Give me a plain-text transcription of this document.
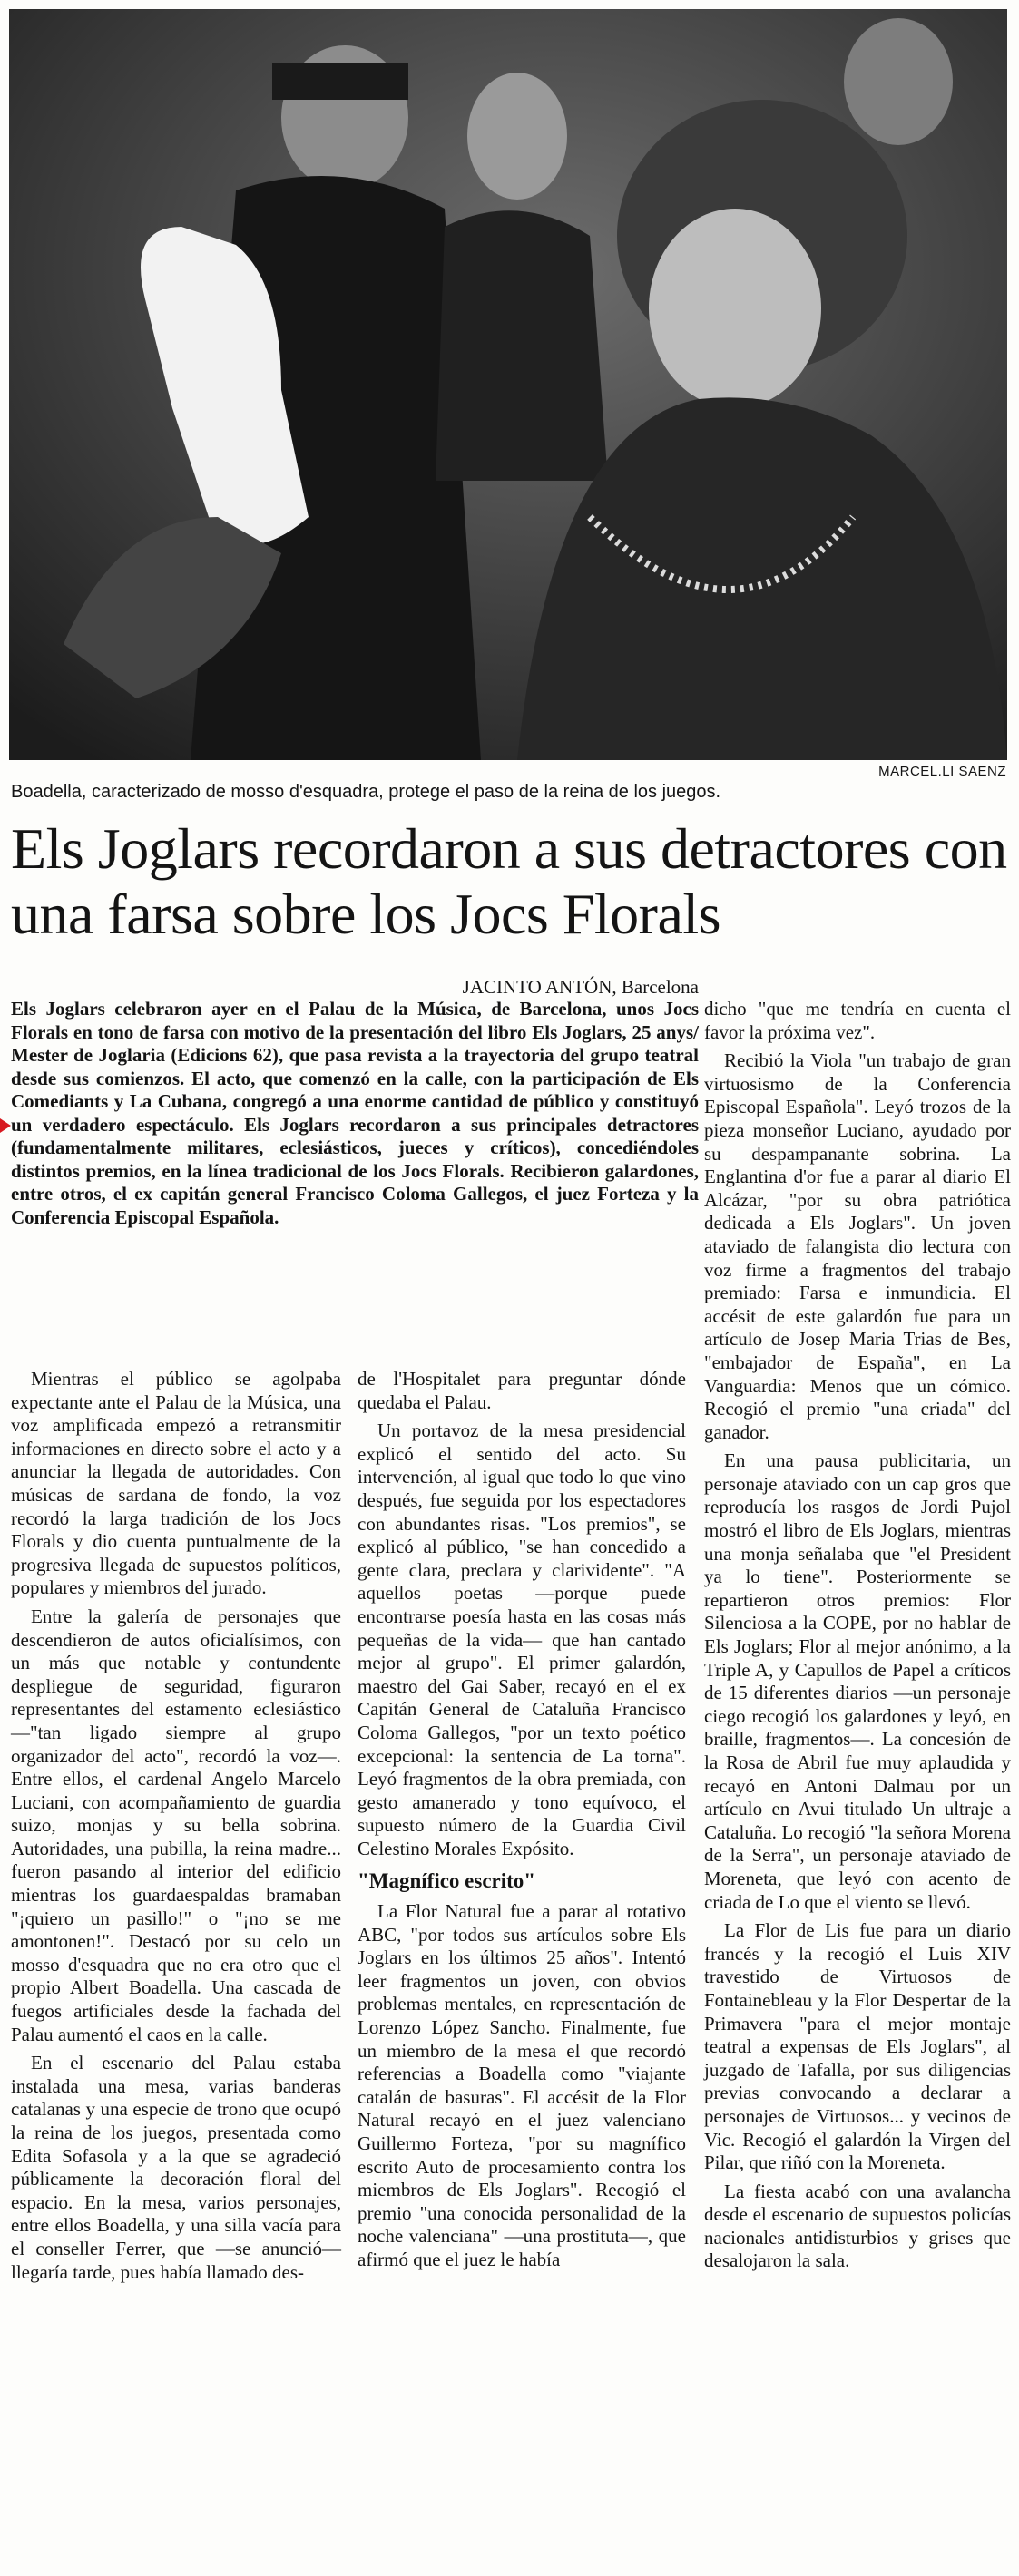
MARCEL.LI SAENZ
Boadella, caracterizado de mosso d'esquadra, protege el paso de la reina de los juegos.
Els Joglars recordaron a sus detractores con una farsa sobre los Jocs Florals
JACINTO ANTÓN, Barcelona
Els Joglars celebraron ayer en el Palau de la Música, de Barcelona, unos Jocs Florals en tono de farsa con motivo de la presentación del libro Els Joglars, 25 anys/ Mester de Joglaria (Edicions 62), que pasa revista a la trayectoria del grupo teatral desde sus comienzos. El acto, que comenzó en la calle, con la participación de Els Comediants y La Cubana, congregó a una enorme cantidad de público y constituyó un verdadero espectáculo. Els Joglars recordaron a sus principales detractores (fundamentalmente militares, eclesiásticos, jueces y críticos), concediéndoles distintos premios, en la línea tradicional de los Jocs Florals. Recibieron galardones, entre otros, el ex capitán general Francisco Coloma Gallegos, el juez Forteza y la Conferencia Episcopal Española.

Mientras el público se agolpaba expectante ante el Palau de la Música, una voz amplificada empezó a retransmitir informaciones en directo sobre el acto y a anunciar la llegada de autoridades. Con músicas de sardana de fondo, la voz recordó la larga tradición de los Jocs Florals y dio cuenta puntualmente de la progresiva llegada de supuestos políticos, populares y miembros del jurado.

Entre la galería de personajes que descendieron de autos oficialísimos, con un más que notable y contundente despliegue de seguridad, figuraron representantes del estamento eclesiástico —"tan ligado siempre al grupo organizador del acto", recordó la voz—. Entre ellos, el cardenal Angelo Marcelo Luciani, con acompañamiento de guardia suizo, monjas y su bella sobrina. Autoridades, una pubilla, la reina madre... fueron pasando al interior del edificio mientras los guardaespaldas bramaban "¡quiero un pasillo!" o "¡no se me amontonen!". Destacó por su celo un mosso d'esquadra que no era otro que el propio Albert Boadella. Una cascada de fuegos artificiales desde la fachada del Palau aumentó el caos en la calle.

En el escenario del Palau estaba instalada una mesa, varias banderas catalanas y una especie de trono que ocupó la reina de los juegos, presentada como Edita Sofasola y a la que se agradeció públicamente la decoración floral del espacio. En la mesa, varios personajes, entre ellos Boadella, y una silla vacía para el conseller Ferrer, que —se anunció— llegaría tarde, pues había llamado des-

de l'Hospitalet para preguntar dónde quedaba el Palau.

Un portavoz de la mesa presidencial explicó el sentido del acto. Su intervención, al igual que todo lo que vino después, fue seguida por los espectadores con abundantes risas. "Los premios", se explicó al público, "se han concedido a gente clara, preclara y clarividente". "A aquellos poetas —porque puede encontrarse poesía hasta en las cosas más pequeñas de la vida— que han cantado mejor al grupo". El primer galardón, maestro del Gai Saber, recayó en el ex Capitán General de Cataluña Francisco Coloma Gallegos, "por un texto poético excepcional: la sentencia de La torna". Leyó fragmentos de la obra premiada, con gesto amanerado y tono equívoco, el supuesto número de la Guardia Civil Celestino Morales Expósito.

"Magnífico escrito"

La Flor Natural fue a parar al rotativo ABC, "por todos sus artículos sobre Els Joglars en los últimos 25 años". Intentó leer fragmentos un joven, con obvios problemas mentales, en representación de Lorenzo López Sancho. Finalmente, fue un miembro de la mesa el que recordó referencias a Boadella como "viajante catalán de basuras". El accésit de la Flor Natural recayó en el juez valenciano Guillermo Forteza, "por su magnífico escrito Auto de procesamiento contra los miembros de Els Joglars". Recogió el premio "una conocida personalidad de la noche valenciana" —una prostituta—, que afirmó que el juez le había

dicho "que me tendría en cuenta el favor la próxima vez".

Recibió la Viola "un trabajo de gran virtuosismo de la Conferencia Episcopal Española". Leyó trozos de la pieza monseñor Luciano, ayudado por su despampanante sobrina. La Englantina d'or fue a parar al diario El Alcázar, "por su obra patriótica dedicada a Els Joglars". Un joven ataviado de falangista dio lectura con voz firme a fragmentos del trabajo premiado: Farsa e inmundicia. El accésit de este galardón fue para un artículo de Josep Maria Trias de Bes, "embajador de España", en La Vanguardia: Menos que un cómico. Recogió el premio "una criada" del ganador.

En una pausa publicitaria, un personaje ataviado con un cap gros que reproducía los rasgos de Jordi Pujol mostró el libro de Els Joglars, mientras una monja señalaba que "el President ya lo tiene". Posteriormente se repartieron otros premios: Flor Silenciosa a la COPE, por no hablar de Els Joglars; Flor al mejor anónimo, a la Triple A, y Capullos de Papel a críticos de 15 diferentes diarios —un personaje ciego recogió los galardones y leyó, en braille, fragmentos—. La concesión de la Rosa de Abril fue muy aplaudida y recayó en Antoni Dalmau por un artículo en Avui titulado Un ultraje a Cataluña. Lo recogió "la señora Morena de la Serra", un personaje ataviado de Moreneta, que leyó con acento de criada de Lo que el viento se llevó.

La Flor de Lis fue para un diario francés y la recogió el Luis XIV travestido de Virtuosos de Fontainebleau y la Flor Despertar de la Primavera "para el mejor montaje teatral a expensas de Els Joglars", al juzgado de Tafalla, por sus diligencias previas convocando a declarar a personajes de Virtuosos... y vecinos de Vic. Recogió el galardón la Virgen del Pilar, que riñó con la Moreneta.

La fiesta acabó con una avalancha desde el escenario de supuestos policías nacionales antidisturbios y grises que desalojaron la sala.
